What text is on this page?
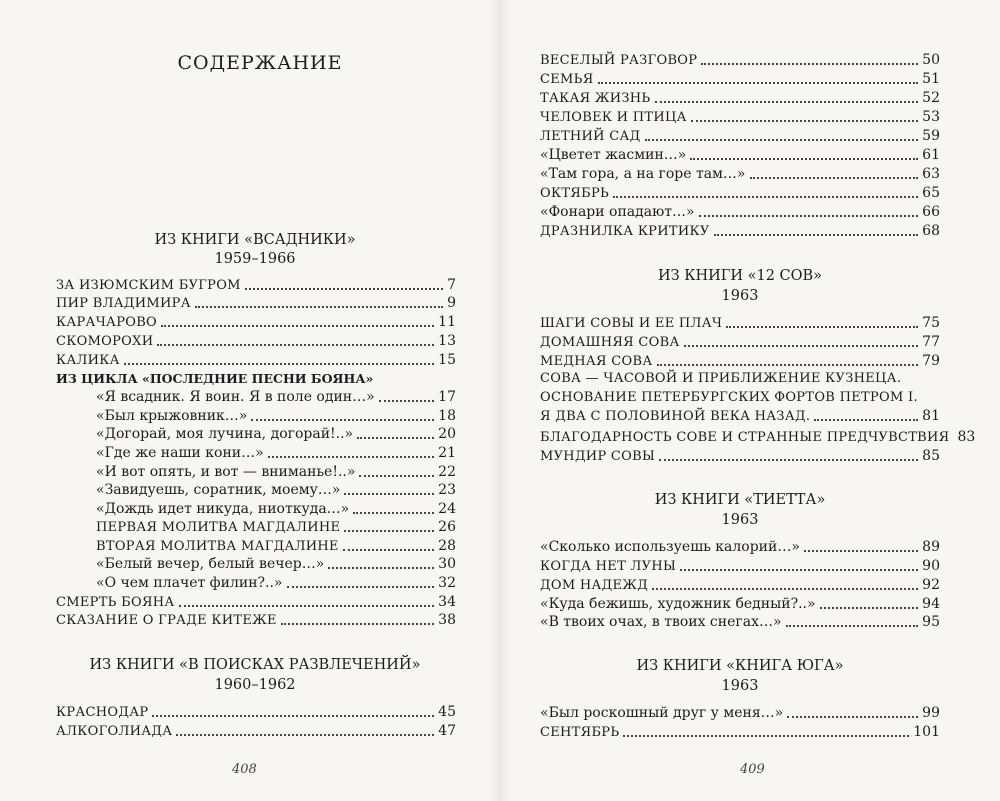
СОДЕРЖАНИЕ
ИЗ КНИГИ «ВСАДНИКИ»
1959–1966
ЗА ИЗЮМСКИМ БУГРОМ	7
ПИР ВЛАДИМИРА	9
КАРАЧАРОВО	11
СКОМОРОХИ	13
КАЛИКА	15
ИЗ ЦИКЛА «ПОСЛЕДНИЕ ПЕСНИ БОЯНА»
«Я всадник. Я воин. Я в поле один…»	17
«Был крыжовник…»	18
«Догорай, моя лучина, догорай!..»	20
«Где же наши кони…»	21
«И вот опять, и вот — вниманье!..»	22
«Завидуешь, соратник, моему…»	23
«Дождь идет никуда, ниоткуда…»	24
ПЕРВАЯ МОЛИТВА МАГДАЛИНЕ	26
ВТОРАЯ МОЛИТВА МАГДАЛИНЕ	28
«Белый вечер, белый вечер…»	30
«О чем плачет филин?..»	32
СМЕРТЬ БОЯНА	34
СКАЗАНИЕ О ГРАДЕ КИТЕЖЕ	38
ИЗ КНИГИ «В ПОИСКАХ РАЗВЛЕЧЕНИЙ»
1960–1962
КРАСНОДАР	45
АЛКОГОЛИАДА	47
408
ВЕСЕЛЫЙ РАЗГОВОР	50
СЕМЬЯ	51
ТАКАЯ ЖИЗНЬ	52
ЧЕЛОВЕК И ПТИЦА	53
ЛЕТНИЙ САД	59
«Цветет жасмин…»	61
«Там гора, а на горе там…»	63
ОКТЯБРЬ	65
«Фонари опадают…»	66
ДРАЗНИЛКА КРИТИКУ	68
ИЗ КНИГИ «12 СОВ»
1963
ШАГИ СОВЫ И ЕЕ ПЛАЧ	75
ДОМАШНЯЯ СОВА	77
МЕДНАЯ СОВА	79
СОВА — ЧАСОВОЙ И ПРИБЛИЖЕНИЕ КУЗНЕЦА.
ОСНОВАНИЕ ПЕТЕРБУРГСКИХ ФОРТОВ ПЕТРОМ I.
Я ДВА С ПОЛОВИНОЙ ВЕКА НАЗАД.	81
БЛАГОДАРНОСТЬ СОВЕ И СТРАННЫЕ ПРЕДЧУВСТВИЯ 83
МУНДИР СОВЫ	85
ИЗ КНИГИ «ТИЕТТА»
1963
«Сколько используешь калорий…»	89
КОГДА НЕТ ЛУНЫ	90
ДОМ НАДЕЖД	92
«Куда бежишь, художник бедный?..»	94
«В твоих очах, в твоих снегах…»	95
ИЗ КНИГИ «КНИГА ЮГА»
1963
«Был роскошный друг у меня…»	99
СЕНТЯБРЬ	101
409
